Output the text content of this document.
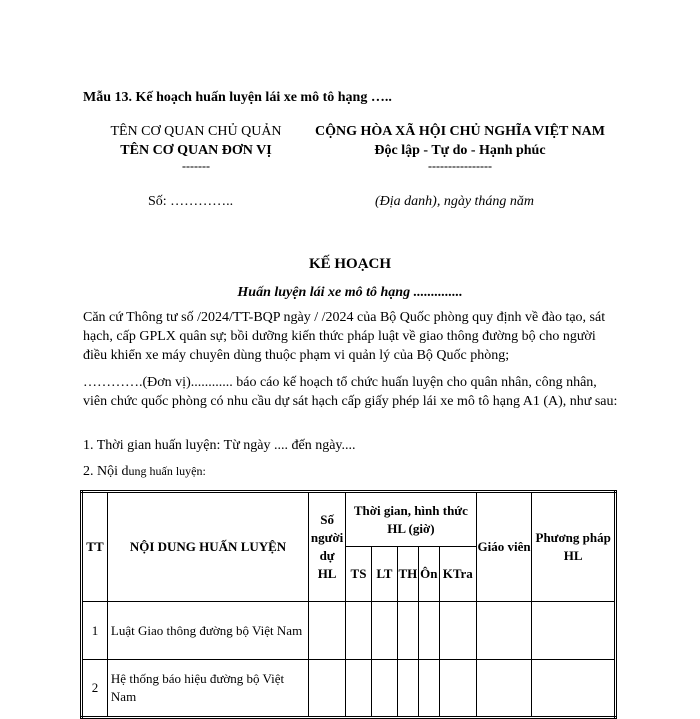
Mẫu 13. Kế hoạch huấn luyện lái xe mô tô hạng …..
TÊN CƠ QUAN CHỦ QUẢN
TÊN CƠ QUAN ĐƠN VỊ
-------
CỘNG HÒA XÃ HỘI CHỦ NGHĨA VIỆT NAM
Độc lập - Tự do - Hạnh phúc
----------------
Số: …………..	(Địa danh), ngày tháng năm
KẾ HOẠCH
Huấn luyện lái xe mô tô hạng ..............
Căn cứ Thông tư số /2024/TT-BQP ngày / /2024 của Bộ Quốc phòng quy định về đào tạo, sát hạch, cấp GPLX quân sự; bồi dưỡng kiến thức pháp luật về giao thông đường bộ cho người điều khiển xe máy chuyên dùng thuộc phạm vi quản lý của Bộ Quốc phòng;
………….(Đơn vị)............ báo cáo kế hoạch tổ chức huấn luyện cho quân nhân, công nhân, viên chức quốc phòng có nhu cầu dự sát hạch cấp giấy phép lái xe mô tô hạng A1 (A), như sau:
1. Thời gian huấn luyện: Từ ngày .... đến ngày....
2. Nội dung huấn luyện:
TT	NỘI DUNG HUẤN LUYỆN	Số người dự HL	Thời gian, hình thức HL (giờ)					Giáo viên	Phương pháp HL
			TS	LT	TH	Ôn	KTra		
1	Luật Giao thông đường bộ Việt Nam								
2	Hệ thống báo hiệu đường bộ Việt Nam								
